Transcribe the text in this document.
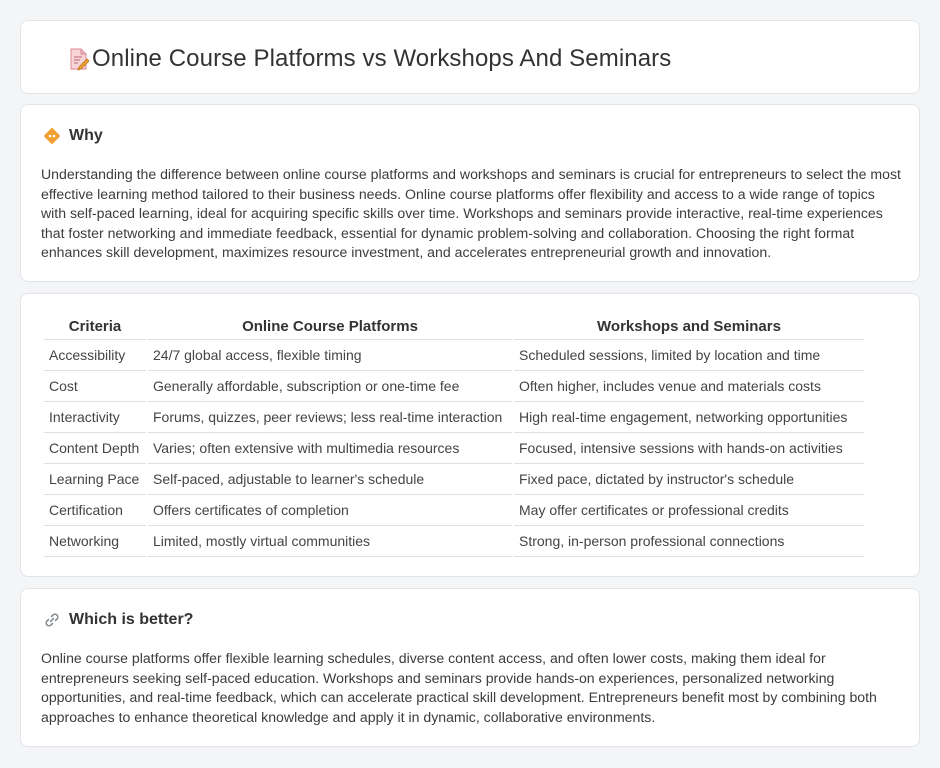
Online Course Platforms vs Workshops And Seminars
Why

Understanding the difference between online course platforms and workshops and seminars is crucial for entrepreneurs to select the most effective learning method tailored to their business needs. Online course platforms offer flexibility and access to a wide range of topics with self-paced learning, ideal for acquiring specific skills over time. Workshops and seminars provide interactive, real-time experiences that foster networking and immediate feedback, essential for dynamic problem-solving and collaboration. Choosing the right format enhances skill development, maximizes resource investment, and accelerates entrepreneurial growth and innovation.

Criteria	Online Course Platforms	Workshops and Seminars
Accessibility	24/7 global access, flexible timing	Scheduled sessions, limited by location and time
Cost	Generally affordable, subscription or one-time fee	Often higher, includes venue and materials costs
Interactivity	Forums, quizzes, peer reviews; less real-time interaction	High real-time engagement, networking opportunities
Content Depth	Varies; often extensive with multimedia resources	Focused, intensive sessions with hands-on activities
Learning Pace	Self-paced, adjustable to learner's schedule	Fixed pace, dictated by instructor's schedule
Certification	Offers certificates of completion	May offer certificates or professional credits
Networking	Limited, mostly virtual communities	Strong, in-person professional connections
Which is better?

Online course platforms offer flexible learning schedules, diverse content access, and often lower costs, making them ideal for entrepreneurs seeking self-paced education. Workshops and seminars provide hands-on experiences, personalized networking opportunities, and real-time feedback, which can accelerate practical skill development. Entrepreneurs benefit most by combining both approaches to enhance theoretical knowledge and apply it in dynamic, collaborative environments.
